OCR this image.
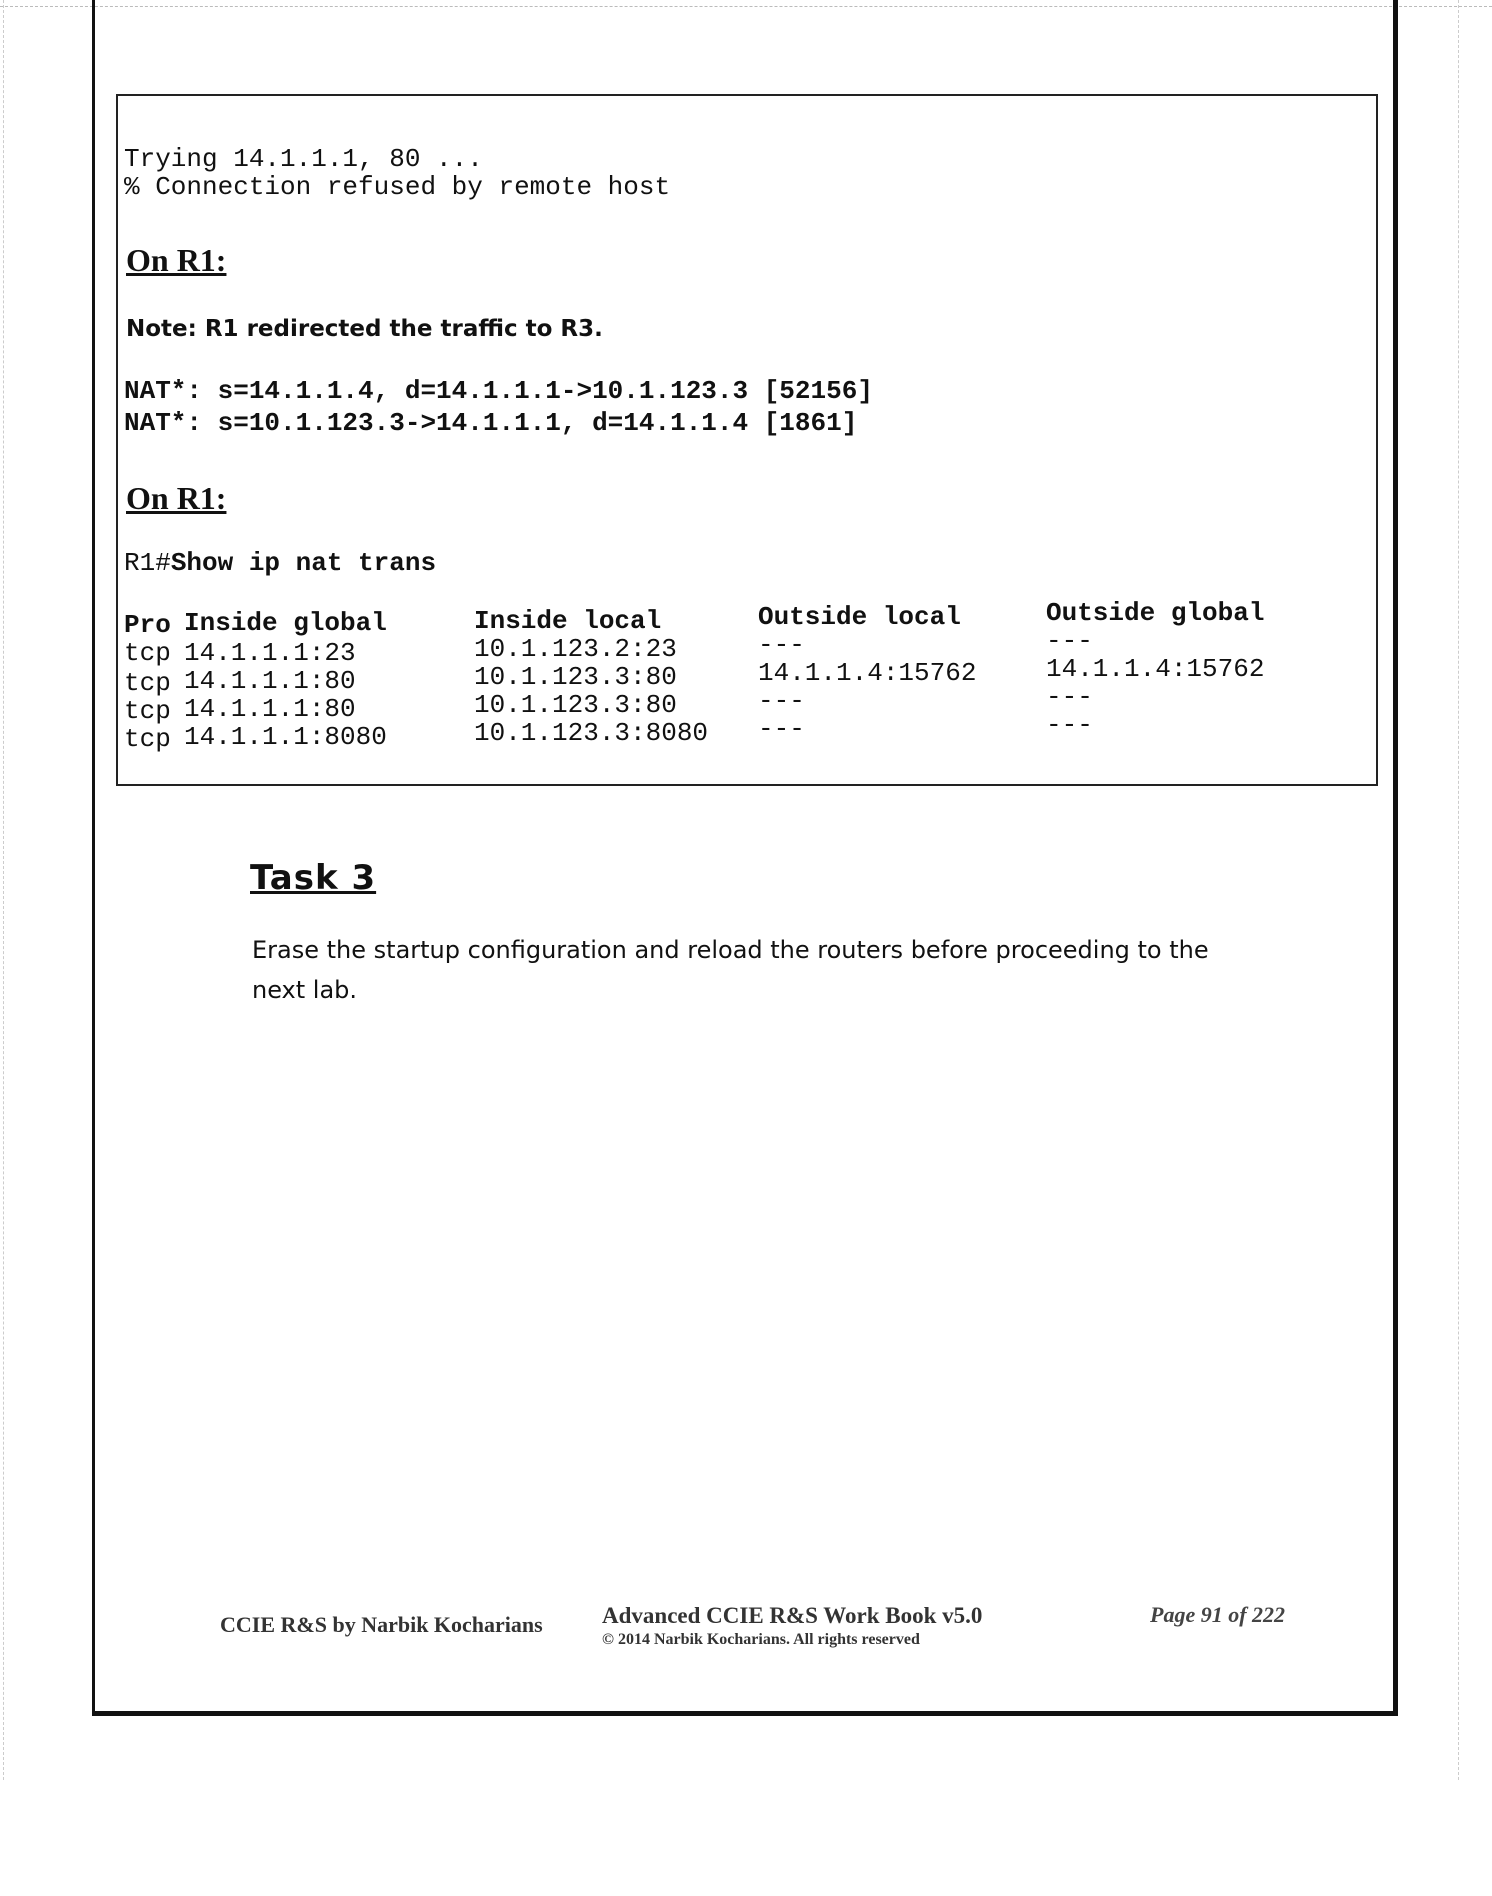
Trying 14.1.1.1, 80 ...
% Connection refused by remote host
On R1:
Note: R1 redirected the traffic to R3.
NAT*: s=14.1.1.4, d=14.1.1.1->10.1.123.3 [52156]
NAT*: s=10.1.123.3->14.1.1.1, d=14.1.1.4 [1861]
On R1:
R1#Show ip nat trans
Pro Inside global	Inside local	Outside local	Outside global
tcp 14.1.1.1:23	10.1.123.2:23	---	---
tcp 14.1.1.1:80	10.1.123.3:80	14.1.1.4:15762	14.1.1.4:15762
tcp 14.1.1.1:80	10.1.123.3:80	---	---
tcp 14.1.1.1:8080	10.1.123.3:8080 ---	---
Task 3
Erase the startup configuration and reload the routers before proceeding to the next lab.
CCIE R&S by Narbik Kocharians	Advanced CCIE R&S Work Book v5.0
© 2014 Narbik Kocharians. All rights reserved
Page 91 of 222
